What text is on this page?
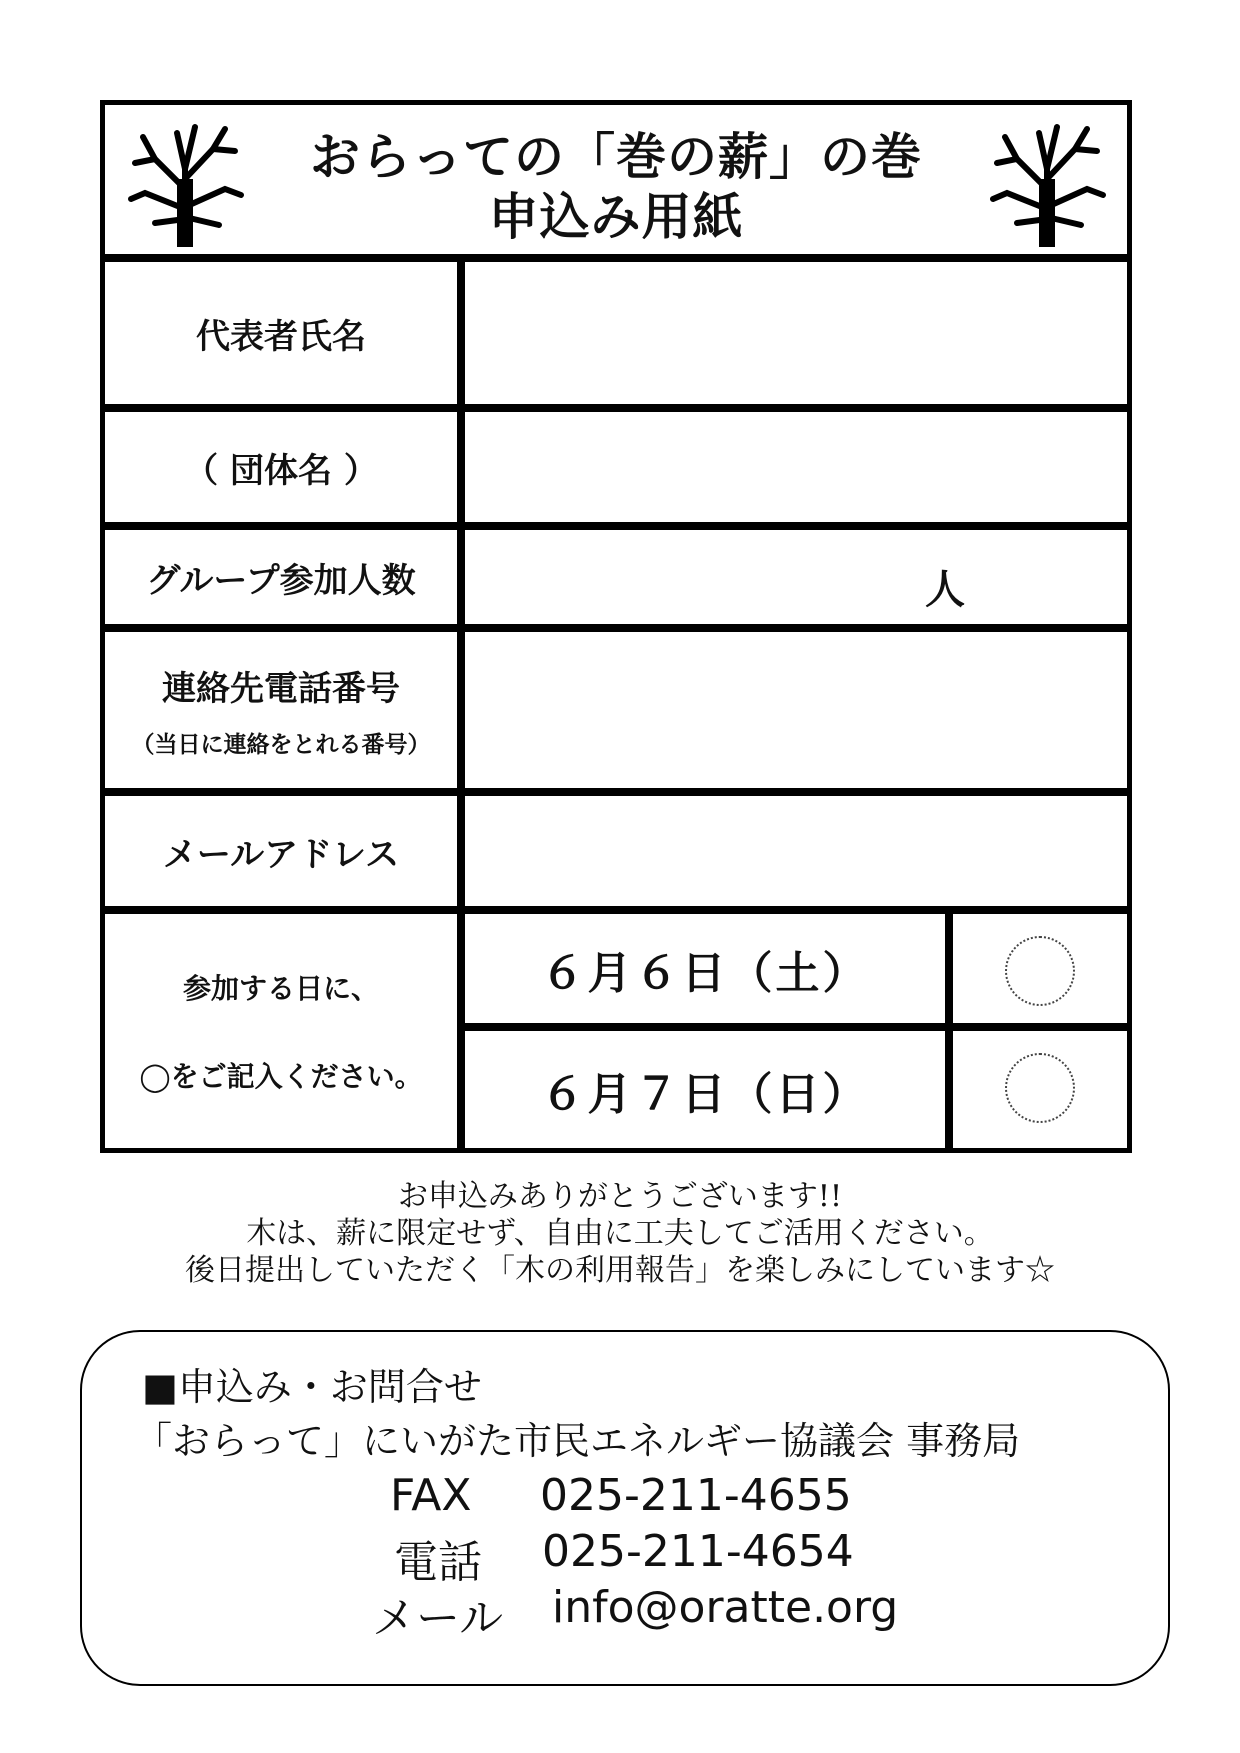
おらっての「巻の薪」の巻
申込み用紙
代表者氏名
（ 団体名 ）
グループ参加人数	人
連絡先電話番号
（当日に連絡をとれる番号）
メールアドレス
参加する日に、
◯をご記入ください。
６月６日（土）
６月７日（日）
お申込みありがとうございます!!
木は、薪に限定せず、自由に工夫してご活用ください。
後日提出していただく「木の利用報告」を楽しみにしています☆
■申込み・お問合せ
「おらって」にいがた市民エネルギー協議会 事務局
FAX 025-211-4655
電話 025-211-4654
メール info@oratte.org
